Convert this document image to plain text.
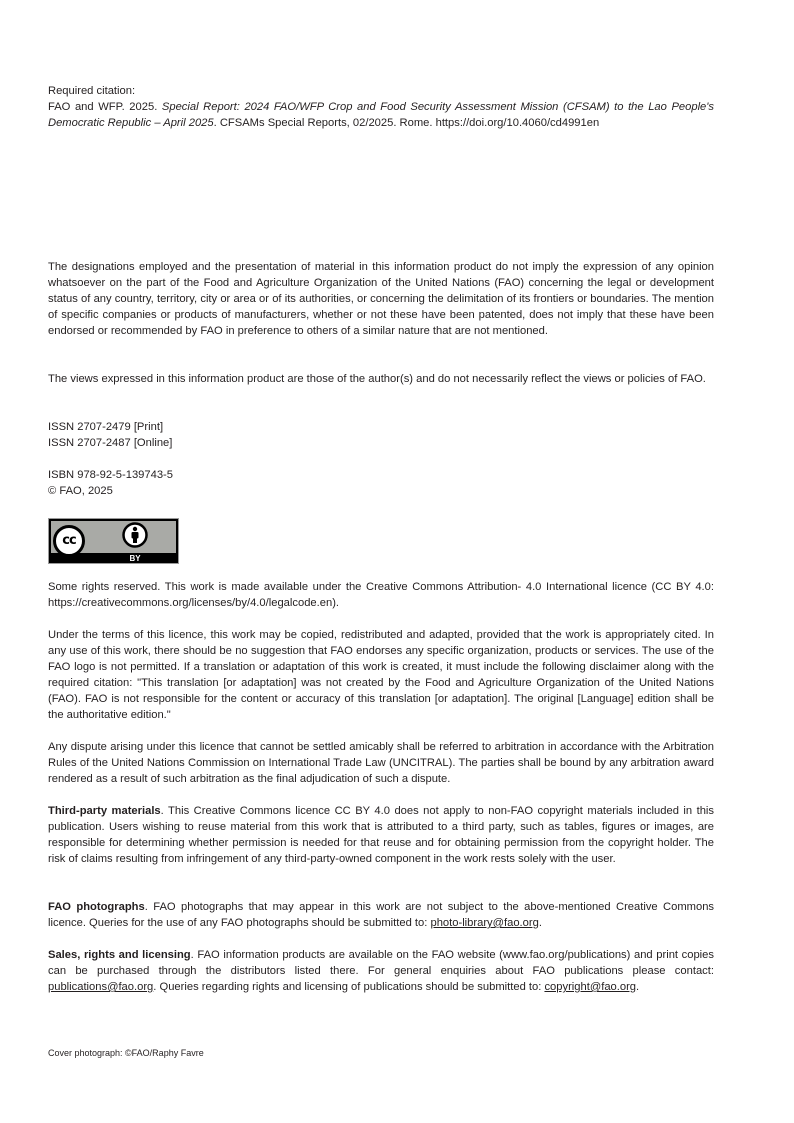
Required citation:

FAO and WFP. 2025. Special Report: 2024 FAO/WFP Crop and Food Security Assessment Mission (CFSAM) to the Lao People's Democratic Republic – April 2025. CFSAMs Special Reports, 02/2025. Rome. https://doi.org/10.4060/cd4991en

The designations employed and the presentation of material in this information product do not imply the expression of any opinion whatsoever on the part of the Food and Agriculture Organization of the United Nations (FAO) concerning the legal or development status of any country, territory, city or area or of its authorities, or concerning the delimitation of its frontiers or boundaries. The mention of specific companies or products of manufacturers, whether or not these have been patented, does not imply that these have been endorsed or recommended by FAO in preference to others of a similar nature that are not mentioned.

The views expressed in this information product are those of the author(s) and do not necessarily reflect the views or policies of FAO.

ISSN 2707-2479 [Print]
ISSN 2707-2487 [Online]
ISBN 978-92-5-139743-5
© FAO, 2025
cc
BY

Some rights reserved. This work is made available under the Creative Commons Attribution- 4.0 International licence (CC BY 4.0: https://creativecommons.org/licenses/by/4.0/legalcode.en).

Under the terms of this licence, this work may be copied, redistributed and adapted, provided that the work is appropriately cited. In any use of this work, there should be no suggestion that FAO endorses any specific organization, products or services. The use of the FAO logo is not permitted. If a translation or adaptation of this work is created, it must include the following disclaimer along with the required citation: "This translation [or adaptation] was not created by the Food and Agriculture Organization of the United Nations (FAO). FAO is not responsible for the content or accuracy of this translation [or adaptation]. The original [Language] edition shall be the authoritative edition."

Any dispute arising under this licence that cannot be settled amicably shall be referred to arbitration in accordance with the Arbitration Rules of the United Nations Commission on International Trade Law (UNCITRAL). The parties shall be bound by any arbitration award rendered as a result of such arbitration as the final adjudication of such a dispute.

Third-party materials. This Creative Commons licence CC BY 4.0 does not apply to non-FAO copyright materials included in this publication. Users wishing to reuse material from this work that is attributed to a third party, such as tables, figures or images, are responsible for determining whether permission is needed for that reuse and for obtaining permission from the copyright holder. The risk of claims resulting from infringement of any third-party-owned component in the work rests solely with the user.

FAO photographs. FAO photographs that may appear in this work are not subject to the above-mentioned Creative Commons licence. Queries for the use of any FAO photographs should be submitted to: photo-library@fao.org.

Sales, rights and licensing. FAO information products are available on the FAO website (www.fao.org/publications) and print copies can be purchased through the distributors listed there. For general enquiries about FAO publications please contact: publications@fao.org. Queries regarding rights and licensing of publications should be submitted to: copyright@fao.org.

Cover photograph: ©FAO/Raphy Favre
